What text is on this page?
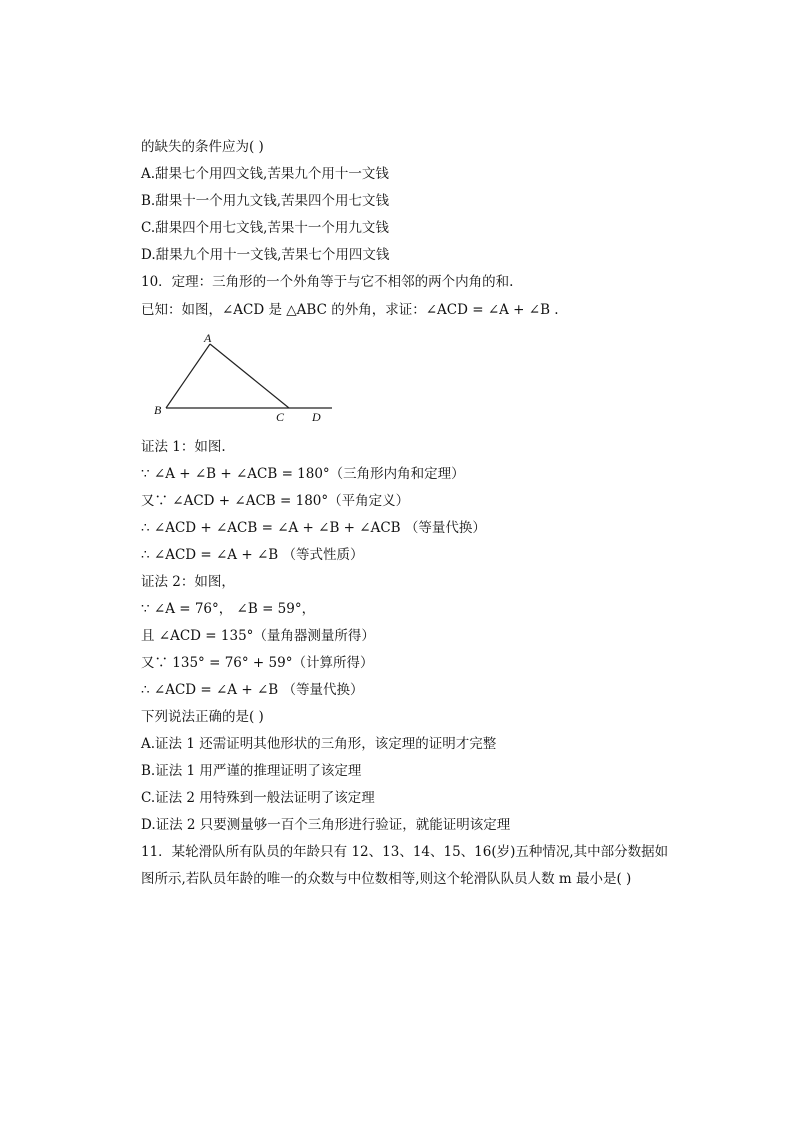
的缺失的条件应为( )
A.甜果七个用四文钱,苦果九个用十一文钱
B.甜果十一个用九文钱,苦果四个用七文钱
C.甜果四个用七文钱,苦果十一个用九文钱
D.甜果九个用十一文钱,苦果七个用四文钱
10．定理：三角形的一个外角等于与它不相邻的两个内角的和.
已知：如图，∠ACD 是 △ABC 的外角，求证：∠ACD = ∠A + ∠B .
A
B	C D
证法 1：如图.
∵ ∠A + ∠B + ∠ACB = 180°（三角形内角和定理）
又∵ ∠ACD + ∠ACB = 180°（平角定义）
∴ ∠ACD + ∠ACB = ∠A + ∠B + ∠ACB （等量代换）
∴ ∠ACD = ∠A + ∠B （等式性质）
证法 2：如图，
∵ ∠A = 76°， ∠B = 59°，
且 ∠ACD = 135°（量角器测量所得）
又∵ 135° = 76° + 59°（计算所得）
∴ ∠ACD = ∠A + ∠B （等量代换）
下列说法正确的是( )
A.证法 1 还需证明其他形状的三角形，该定理的证明才完整
B.证法 1 用严谨的推理证明了该定理
C.证法 2 用特殊到一般法证明了该定理
D.证法 2 只要测量够一百个三角形进行验证，就能证明该定理
11．某轮滑队所有队员的年龄只有 12、13、14、15、16(岁)五种情况,其中部分数据如
图所示,若队员年龄的唯一的众数与中位数相等,则这个轮滑队队员人数 m 最小是( )
